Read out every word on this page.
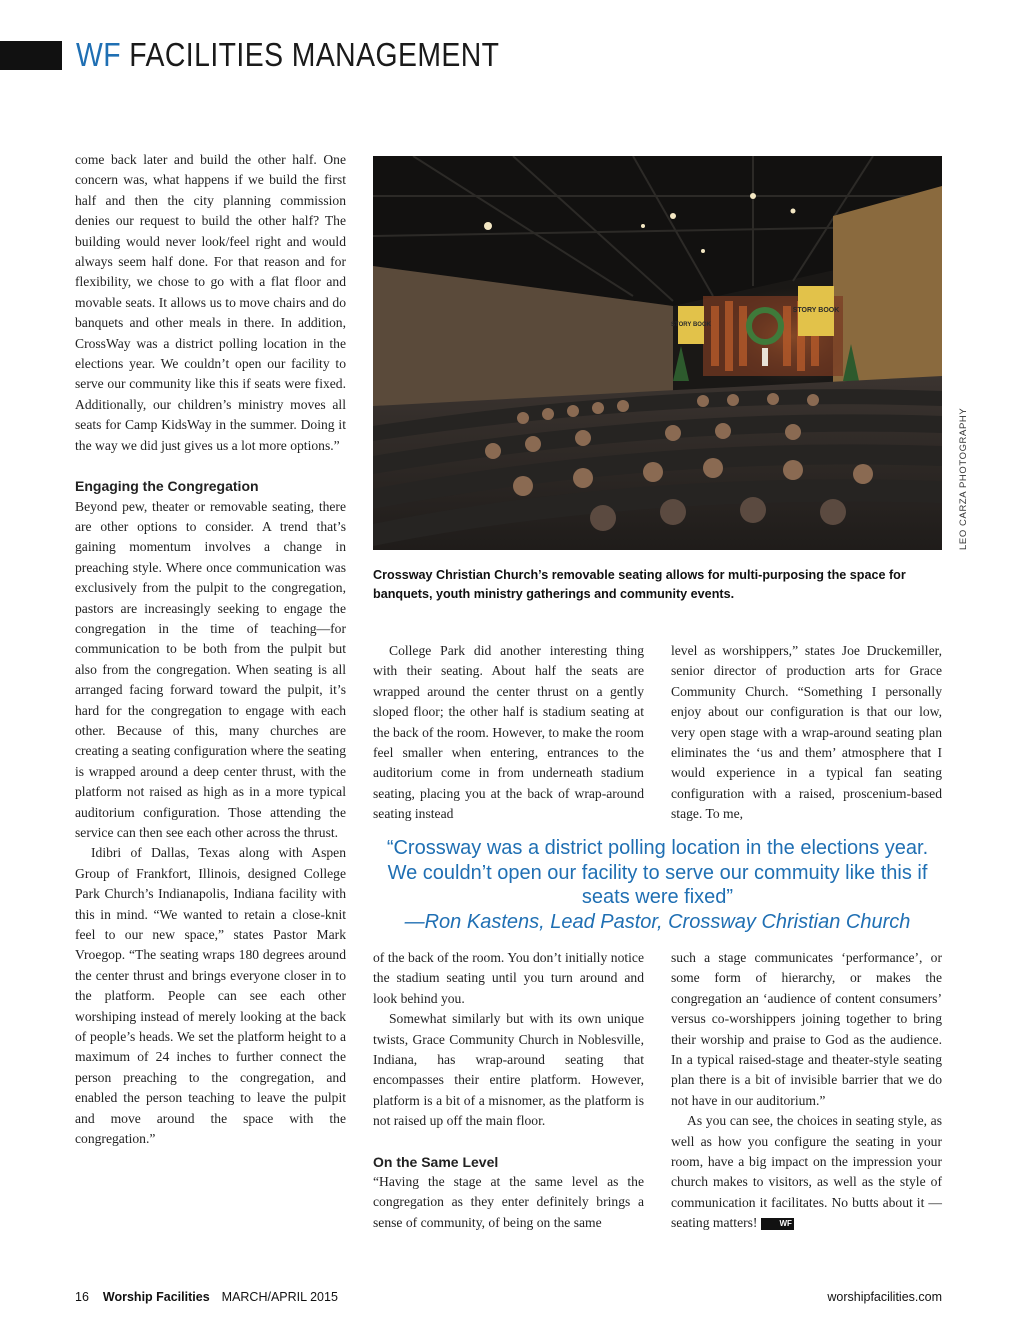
WF FACILITIES MANAGEMENT

come back later and build the other half. One concern was, what happens if we build the first half and then the city planning commission denies our request to build the other half? The building would never look/feel right and would always seem half done. For that reason and for flexibility, we chose to go with a flat floor and movable seats. It allows us to move chairs and do banquets and other meals in there. In addition, CrossWay was a district polling location in the elections year. We couldn’t open our facility to serve our community like this if seats were fixed. Additionally, our children’s ministry moves all seats for Camp KidsWay in the summer. Doing it the way we did just gives us a lot more options.”

Engaging the Congregation

Beyond pew, theater or removable seating, there are other options to consider. A trend that’s gaining momentum involves a change in preaching style. Where once communication was exclusively from the pulpit to the congregation, pastors are increasingly seeking to engage the congregation in the time of teaching—for communication to be both from the pulpit but also from the congregation. When seating is all arranged facing forward toward the pulpit, it’s hard for the congregation to engage with each other. Because of this, many churches are creating a seating configuration where the seating is wrapped around a deep center thrust, with the platform not raised as high as in a more typical auditorium configuration. Those attending the service can then see each other across the thrust.

Idibri of Dallas, Texas along with Aspen Group of Frankfort, Illinois, designed College Park Church’s Indianapolis, Indiana facility with this in mind. “We wanted to retain a close-knit feel to our new space,” states Pastor Mark Vroegop. “The seating wraps 180 degrees around the center thrust and brings everyone closer in to the platform. People can see each other worshiping instead of merely looking at the back of people’s heads. We set the platform height to a maximum of 24 inches to further connect the person preaching to the congregation, and enabled the person teaching to leave the pulpit and move around the space with the congregation.”

STORY BOOK
STORY BOOK
LEO CARZA PHOTOGRAPHY
Crossway Christian Church’s removable seating allows for multi-purposing the space for banquets, youth ministry gatherings and community events.

College Park did another interesting thing with their seating. About half the seats are wrapped around the center thrust on a gently sloped floor; the other half is stadium seating at the back of the room. However, to make the room feel smaller when entering, entrances to the auditorium come in from underneath stadium seating, placing you at the back of wrap-around seating instead

level as worshippers,” states Joe Druckemiller, senior director of production arts for Grace Community Church. “Something I personally enjoy about our configuration is that our low, very open stage with a wrap-around seating plan eliminates the ‘us and them’ atmosphere that I would experience in a typical fan seating configuration with a raised, proscenium-based stage. To me,

“Crossway was a district polling location in the elections year. We couldn’t open our facility to serve our commuity like this if seats were fixed”
—Ron Kastens, Lead Pastor, Crossway Christian Church

of the back of the room. You don’t initially notice the stadium seating until you turn around and look behind you.

Somewhat similarly but with its own unique twists, Grace Community Church in Noblesville, Indiana, has wrap-around seating that encompasses their entire platform. However, platform is a bit of a misnomer, as the platform is not raised up off the main floor.

On the Same Level

“Having the stage at the same level as the congregation as they enter definitely brings a sense of community, of being on the same

such a stage communicates ‘performance’, or some form of hierarchy, or makes the congregation an ‘audience of content consumers’ versus co-worshippers joining together to bring their worship and praise to God as the audience. In a typical raised-stage and theater-style seating plan there is a bit of invisible barrier that we do not have in our auditorium.”

As you can see, the choices in seating style, as well as how you configure the seating in your room, have a big impact on the impression your church makes to visitors, as well as the style of communication it facilitates. No butts about it — seating matters!	WF

16 Worship Facilities MARCH/APRIL 2015	worshipfacilities.com
